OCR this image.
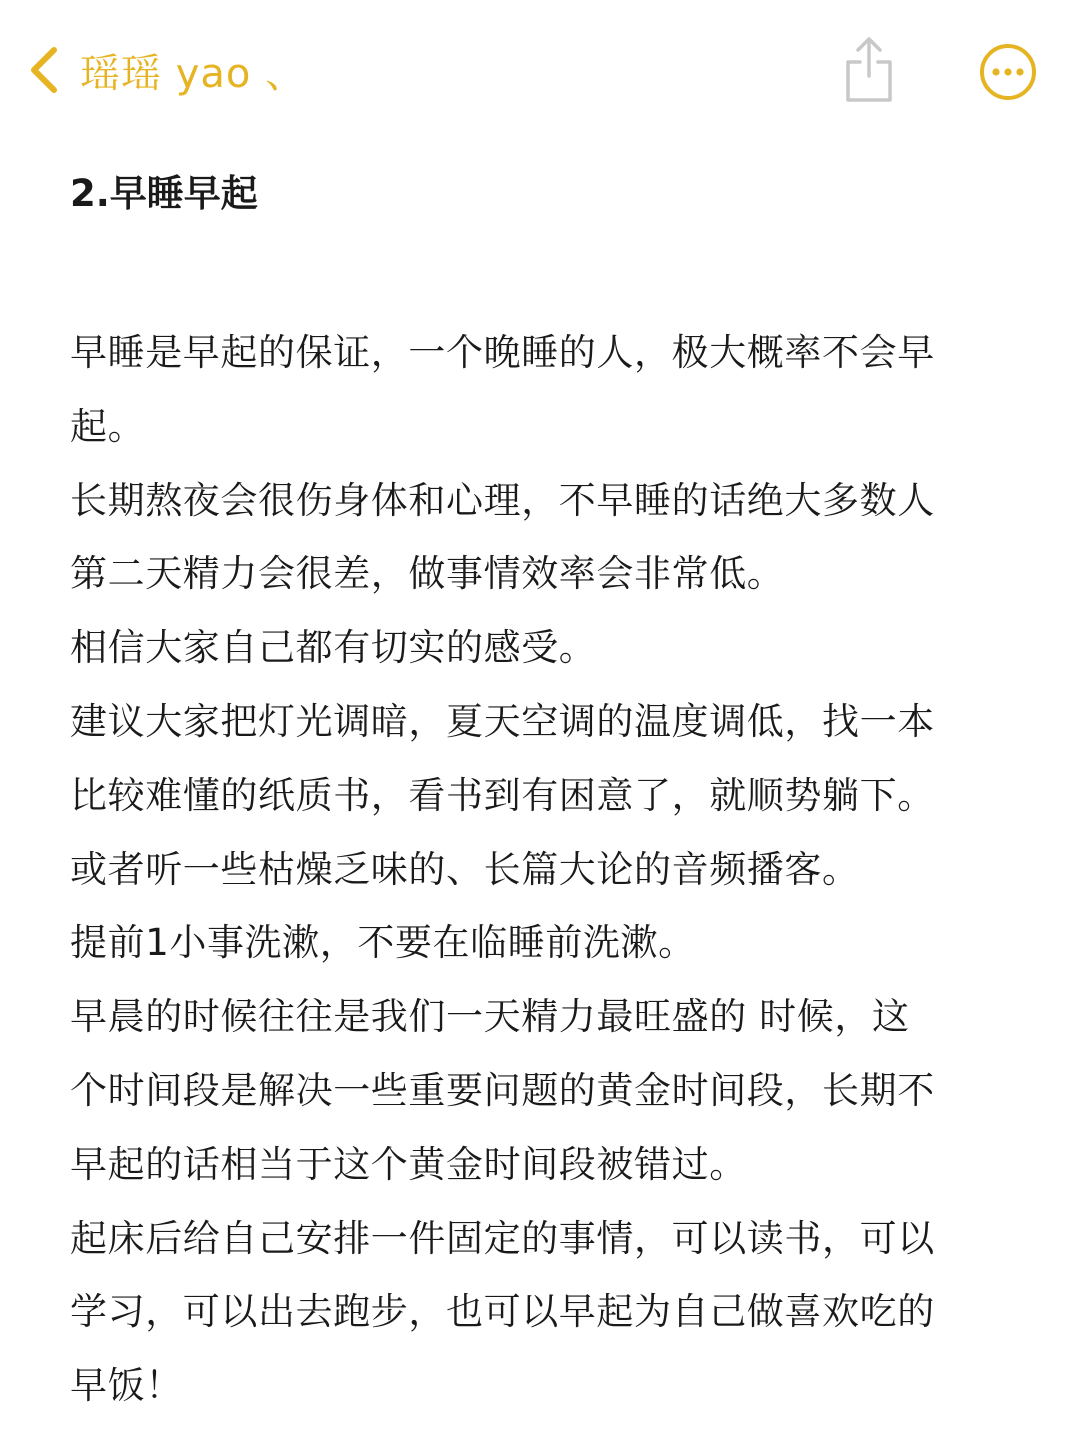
瑶瑶 yao 、
2.早睡早起

早睡是早起的保证，一个晚睡的人，极大概率不会早

起。

长期熬夜会很伤身体和心理，不早睡的话绝大多数人

第二天精力会很差，做事情效率会非常低。

相信大家自己都有切实的感受。

建议大家把灯光调暗，夏天空调的温度调低，找一本

比较难懂的纸质书，看书到有困意了，就顺势躺下。

或者听一些枯燥乏味的、长篇大论的音频播客。

提前1小事洗漱，不要在临睡前洗漱。

早晨的时候往往是我们一天精力最旺盛的 时候，这

个时间段是解决一些重要问题的黄金时间段，长期不

早起的话相当于这个黄金时间段被错过。

起床后给自己安排一件固定的事情，可以读书，可以

学习，可以出去跑步，也可以早起为自己做喜欢吃的

早饭！
